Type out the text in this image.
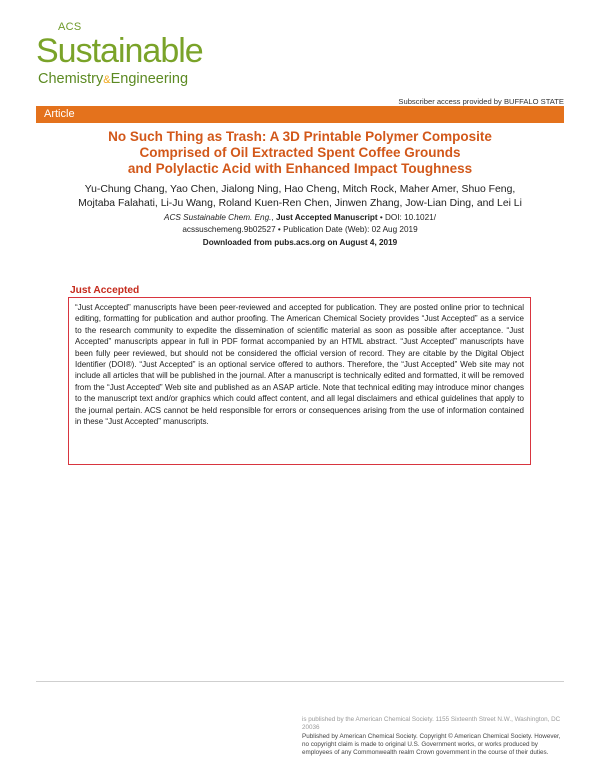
ACS
Sustainable
Chemistry&Engineering
Subscriber access provided by BUFFALO STATE
Article
No Such Thing as Trash: A 3D Printable Polymer Composite
Comprised of Oil Extracted Spent Coffee Grounds
and Polylactic Acid with Enhanced Impact Toughness
Yu-Chung Chang, Yao Chen, Jialong Ning, Hao Cheng, Mitch Rock, Maher Amer, Shuo Feng,
Mojtaba Falahati, Li-Ju Wang, Roland Kuen-Ren Chen, Jinwen Zhang, Jow-Lian Ding, and Lei Li
ACS Sustainable Chem. Eng., Just Accepted Manuscript • DOI: 10.1021/
acssuschemeng.9b02527 • Publication Date (Web): 02 Aug 2019
Downloaded from pubs.acs.org on August 4, 2019
Just Accepted
“Just Accepted” manuscripts have been peer-reviewed and accepted for publication. They are posted online prior to technical editing, formatting for publication and author proofing. The American Chemical Society provides “Just Accepted” as a service to the research community to expedite the dissemination of scientific material as soon as possible after acceptance. “Just Accepted” manuscripts appear in full in PDF format accompanied by an HTML abstract. “Just Accepted” manuscripts have been fully peer reviewed, but should not be considered the official version of record. They are citable by the Digital Object Identifier (DOI®). “Just Accepted” is an optional service offered to authors. Therefore, the “Just Accepted” Web site may not include all articles that will be published in the journal. After a manuscript is technically edited and formatted, it will be removed from the “Just Accepted” Web site and published as an ASAP article. Note that technical editing may introduce minor changes to the manuscript text and/or graphics which could affect content, and all legal disclaimers and ethical guidelines that apply to the journal pertain. ACS cannot be held responsible for errors or consequences arising from the use of information contained in these “Just Accepted” manuscripts.
is published by the American Chemical Society. 1155 Sixteenth Street N.W., Washington, DC 20036
Published by American Chemical Society. Copyright © American Chemical Society. However, no copyright claim is made to original U.S. Government works, or works produced by employees of any Commonwealth realm Crown government in the course of their duties.
